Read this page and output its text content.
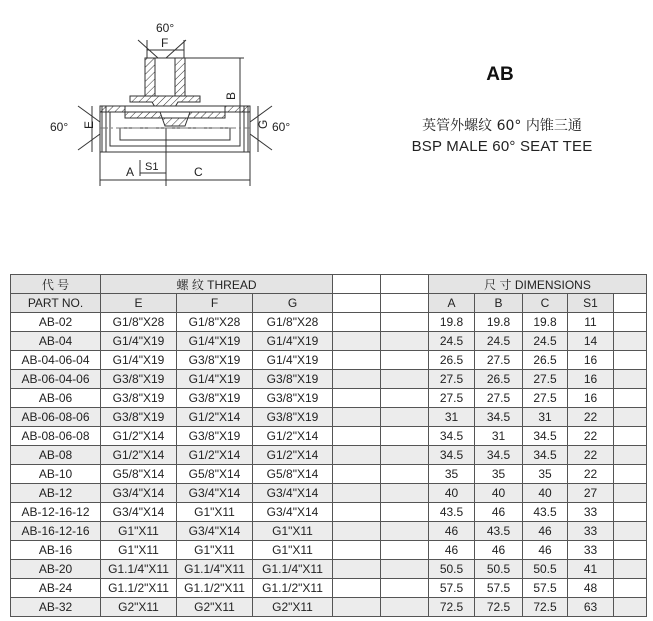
60°
F
B
60° E	G 60°
A S1	C
AB
英管外螺纹 60° 内锥三通
BSP MALE 60° SEAT TEE
代 号	螺 纹 THREAD					尺 寸 DIMENSIONS				
PART NO.	E	F	G			A	B	C	S1	
AB-02	G1/8"X28	G1/8"X28	G1/8"X28			19.8	19.8	19.8	11	
AB-04	G1/4"X19	G1/4"X19	G1/4"X19			24.5	24.5	24.5	14	
AB-04-06-04	G1/4"X19	G3/8"X19	G1/4"X19			26.5	27.5	26.5	16	
AB-06-04-06	G3/8"X19	G1/4"X19	G3/8"X19			27.5	26.5	27.5	16	
AB-06	G3/8"X19	G3/8"X19	G3/8"X19			27.5	27.5	27.5	16	
AB-06-08-06	G3/8"X19	G1/2"X14	G3/8"X19			31	34.5	31	22	
AB-08-06-08	G1/2"X14	G3/8"X19	G1/2"X14			34.5	31	34.5	22	
AB-08	G1/2"X14	G1/2"X14	G1/2"X14			34.5	34.5	34.5	22	
AB-10	G5/8"X14	G5/8"X14	G5/8"X14			35	35	35	22	
AB-12	G3/4"X14	G3/4"X14	G3/4"X14			40	40	40	27	
AB-12-16-12	G3/4"X14	G1"X11	G3/4"X14			43.5	46	43.5	33	
AB-16-12-16	G1"X11	G3/4"X14	G1"X11			46	43.5	46	33	
AB-16	G1"X11	G1"X11	G1"X11			46	46	46	33	
AB-20	G1.1/4"X11	G1.1/4"X11	G1.1/4"X11			50.5	50.5	50.5	41	
AB-24	G1.1/2"X11	G1.1/2"X11	G1.1/2"X11			57.5	57.5	57.5	48	
AB-32	G2"X11	G2"X11	G2"X11			72.5	72.5	72.5	63	
